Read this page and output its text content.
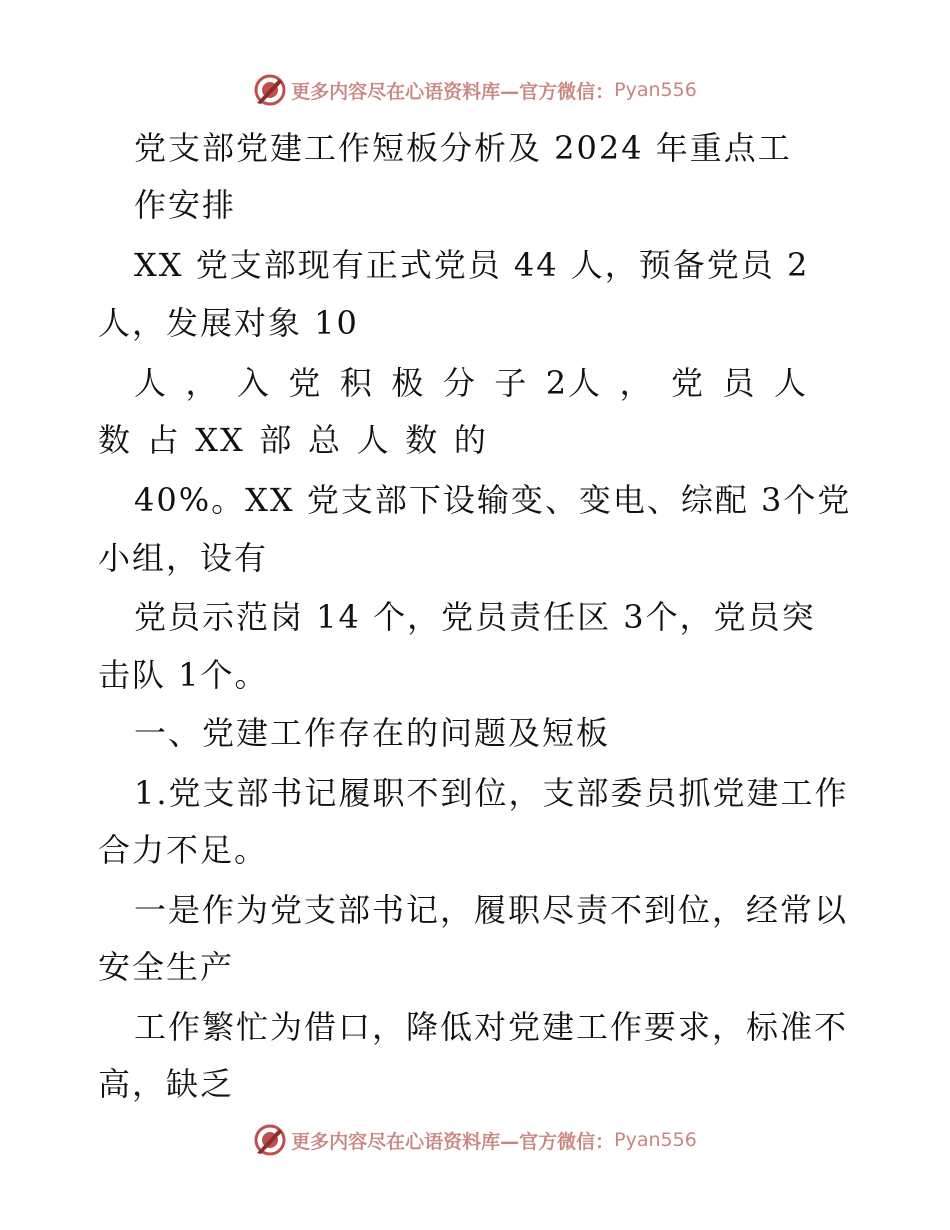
更多内容尽在心语资料库—官方微信： Pyan556
党支部党建工作短板分析及 2024 年重点工
作安排
XX 党支部现有正式党员 44 人，预备党员 2
人，发展对象 10
人 ， 入 党 积 极 分 子 2人 ， 党 员 人
数 占 XX 部 总 人 数 的
40%。XX 党支部下设输变、变电、综配 3个党
小组，设有
党员示范岗 14 个，党员责任区 3个，党员突
击队 1个。
一、党建工作存在的问题及短板
1.党支部书记履职不到位，支部委员抓党建工作
合力不足。
一是作为党支部书记，履职尽责不到位，经常以
安全生产
工作繁忙为借口，降低对党建工作要求，标准不
高，缺乏
更多内容尽在心语资料库—官方微信： Pyan556
